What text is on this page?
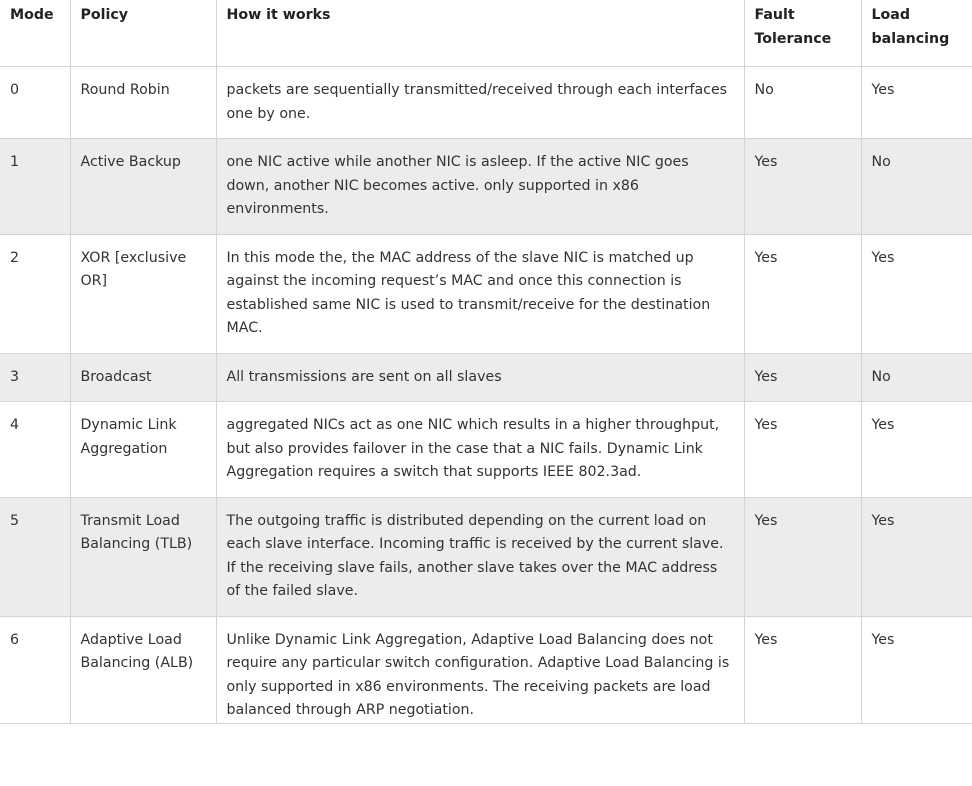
Mode	Policy	How it works	Fault Tolerance	Load balancing
0	Round Robin	packets are sequentially transmitted/received through each interfaces one by one.	No	Yes
1	Active Backup	one NIC active while another NIC is asleep. If the active NIC goes down, another NIC becomes active. only supported in x86 environments.	Yes	No
2	XOR [exclusive OR]	In this mode the, the MAC address of the slave NIC is matched up against the incoming request’s MAC and once this connection is established same NIC is used to transmit/receive for the destination MAC.	Yes	Yes
3	Broadcast	All transmissions are sent on all slaves	Yes	No
4	Dynamic Link Aggregation	aggregated NICs act as one NIC which results in a higher throughput, but also provides failover in the case that a NIC fails. Dynamic Link Aggregation requires a switch that supports IEEE 802.3ad.	Yes	Yes
5	Transmit Load Balancing (TLB)	The outgoing traffic is distributed depending on the current load on each slave interface. Incoming traffic is received by the current slave. If the receiving slave fails, another slave takes over the MAC address of the failed slave.	Yes	Yes
6	Adaptive Load Balancing (ALB)	Unlike Dynamic Link Aggregation, Adaptive Load Balancing does not require any particular switch configuration. Adaptive Load Balancing is only supported in x86 environments. The receiving packets are load balanced through ARP negotiation.	Yes	Yes
